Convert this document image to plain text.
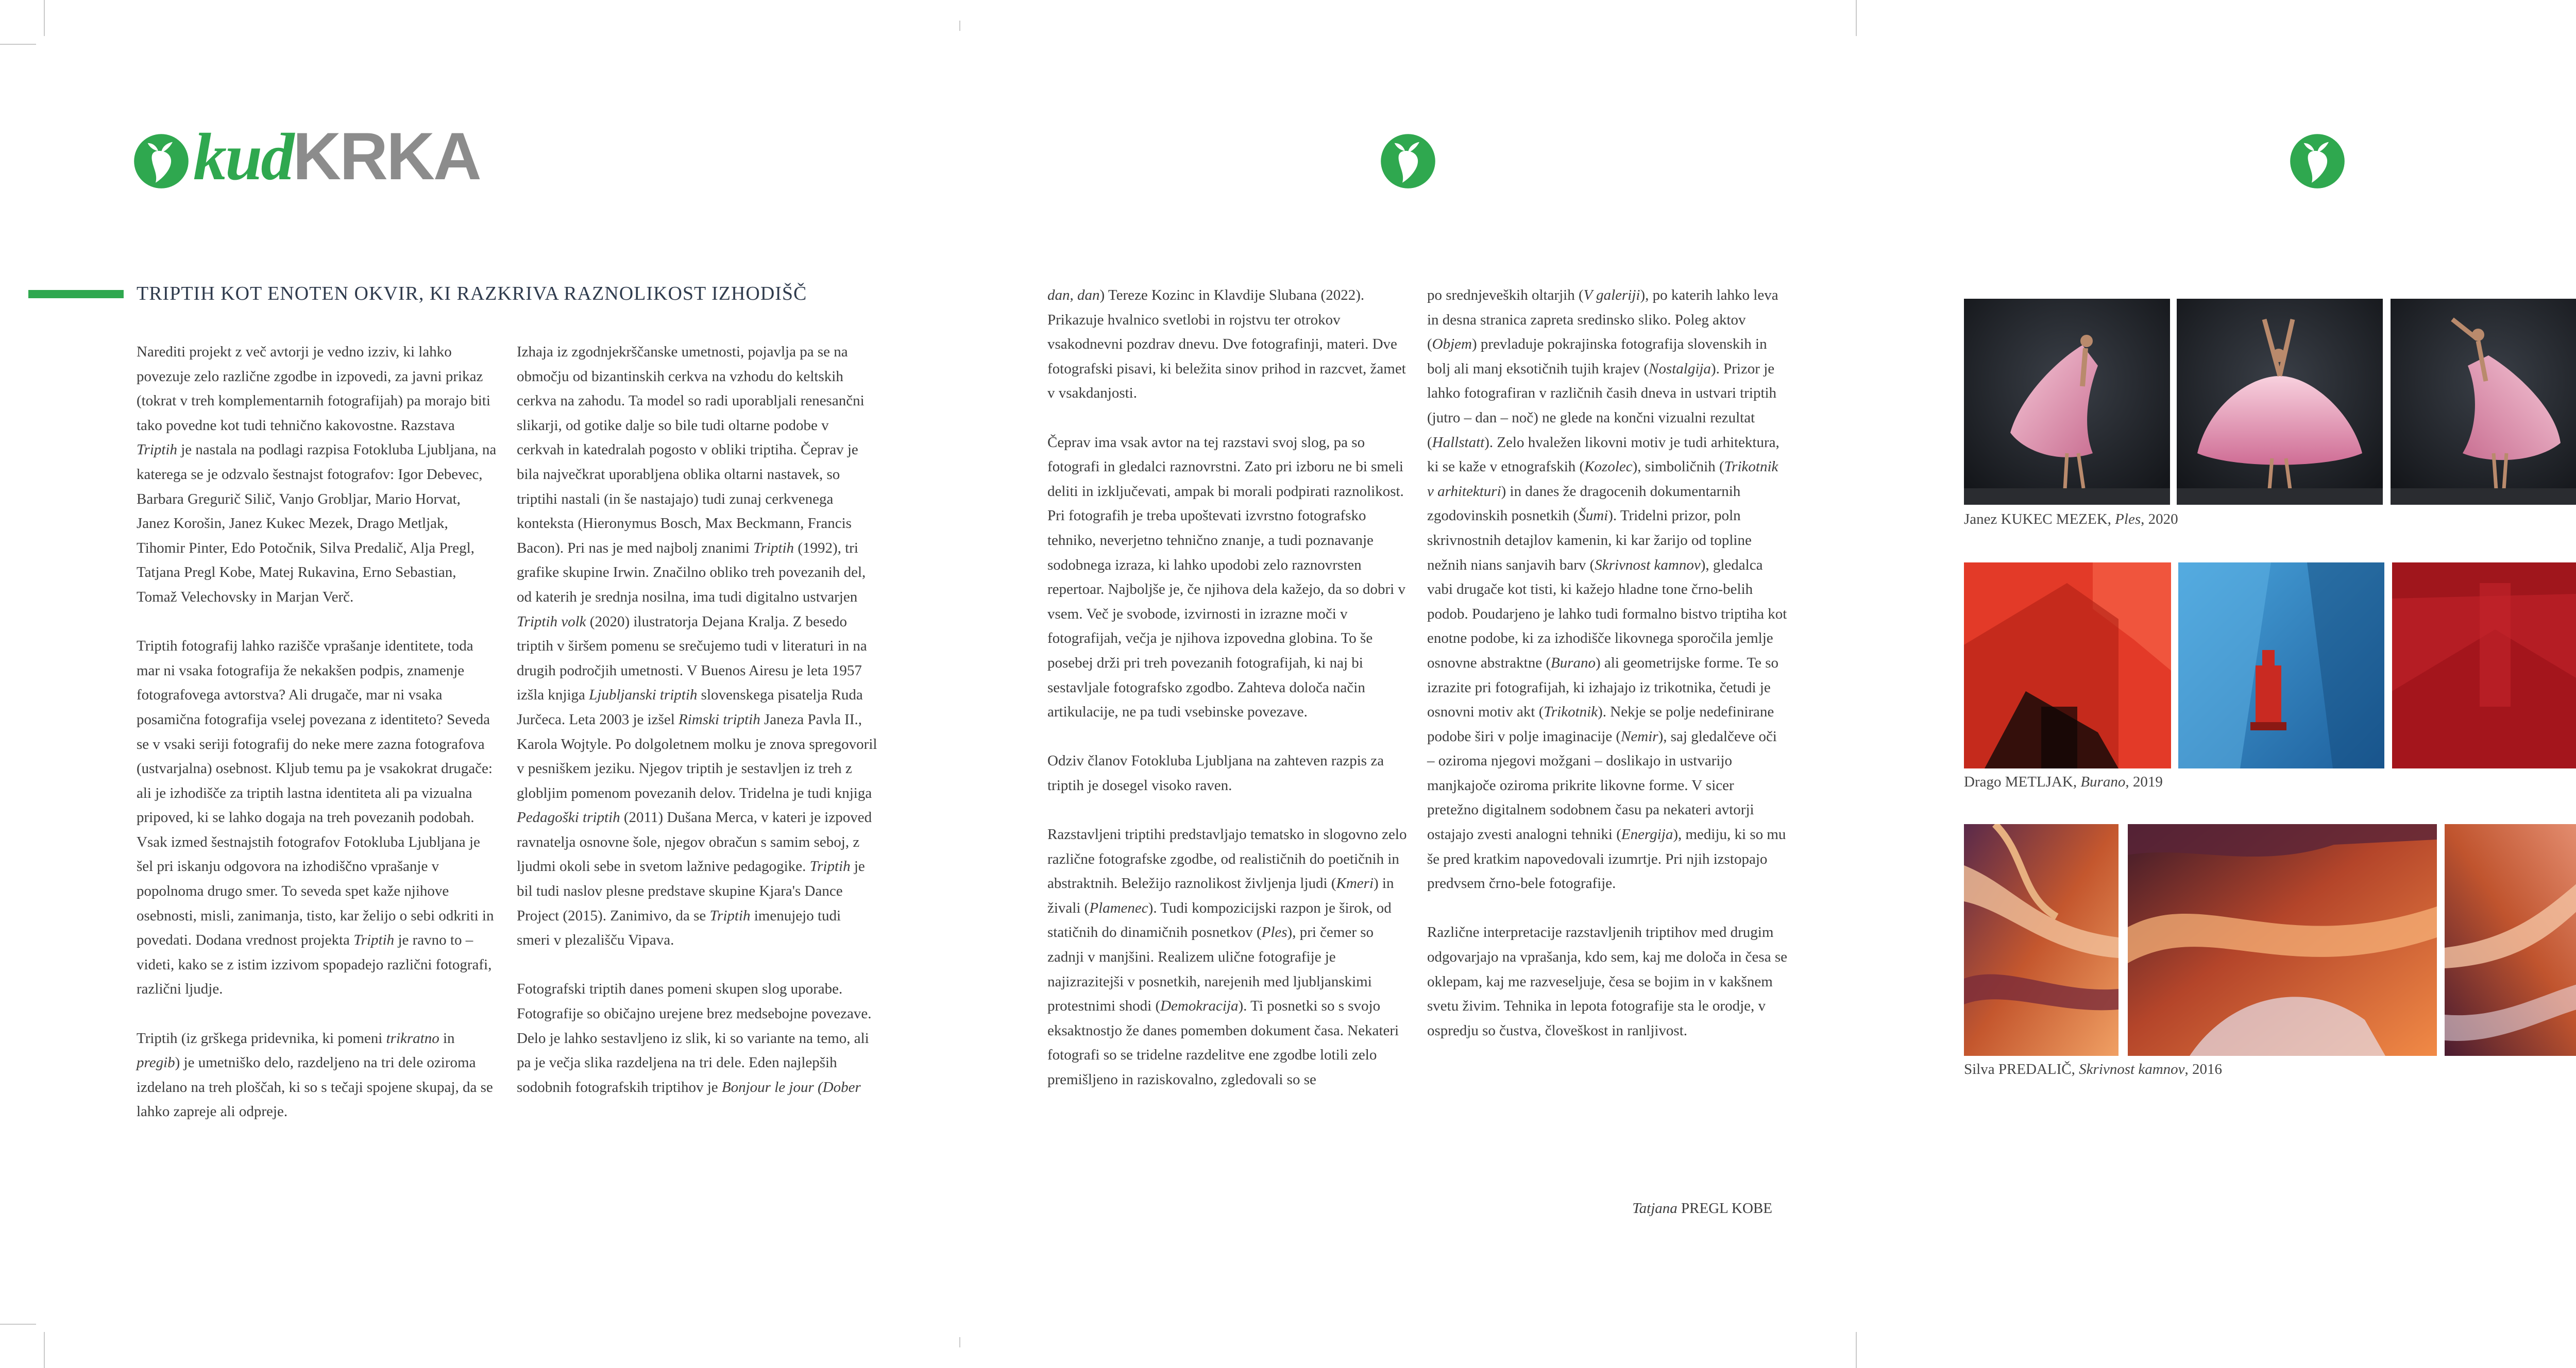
kudKRKA
TRIPTIH KOT ENOTEN OKVIR, KI RAZKRIVA RAZNOLIKOST IZHODIŠČ

Narediti projekt z več avtorji je vedno izziv, ki lahko povezuje zelo različne zgodbe in izpovedi, za javni prikaz (tokrat v treh komplementarnih fotografijah) pa morajo biti tako povedne kot tudi tehnično kakovostne. Razstava Triptih je nastala na podlagi razpisa Fotokluba Ljubljana, na katerega se je odzvalo šestnajst fotografov: Igor Debevec, Barbara Gregurič Silič, Vanjo Grobljar, Mario Horvat, Janez Korošin, Janez Kukec Mezek, Drago Metljak, Tihomir Pinter, Edo Potočnik, Silva Predalič, Alja Pregl, Tatjana Pregl Kobe, Matej Rukavina, Erno Sebastian, Tomaž Velechovsky in Marjan Verč.

Triptih fotografij lahko razišče vprašanje identitete, toda mar ni vsaka fotografija že nekakšen podpis, znamenje fotografovega avtorstva? Ali drugače, mar ni vsaka posamična fotografija vselej povezana z identiteto? Seveda se v vsaki seriji fotografij do neke mere zazna fotografova (ustvarjalna) osebnost. Kljub temu pa je vsakokrat drugače: ali je izhodišče za triptih lastna identiteta ali pa vizualna pripoved, ki se lahko dogaja na treh povezanih podobah. Vsak izmed šestnajstih fotografov Fotokluba Ljubljana je šel pri iskanju odgovora na izhodiščno vprašanje v popolnoma drugo smer. To seveda spet kaže njihove osebnosti, misli, zanimanja, tisto, kar želijo o sebi odkriti in povedati. Dodana vrednost projekta Triptih je ravno to – videti, kako se z istim izzivom spopadejo različni fotografi, različni ljudje.

Triptih (iz grškega pridevnika, ki pomeni trikratno in pregib) je umetniško delo, razdeljeno na tri dele oziroma izdelano na treh ploščah, ki so s tečaji spojene skupaj, da se lahko zapreje ali odpreje.

Izhaja iz zgodnjekrščanske umetnosti, pojavlja pa se na območju od bizantinskih cerkva na vzhodu do keltskih cerkva na zahodu. Ta model so radi uporabljali renesančni slikarji, od gotike dalje so bile tudi oltarne podobe v cerkvah in katedralah pogosto v obliki triptiha. Čeprav je bila največkrat uporabljena oblika oltarni nastavek, so triptihi nastali (in še nastajajo) tudi zunaj cerkvenega konteksta (Hieronymus Bosch, Max Beckmann, Francis Bacon). Pri nas je med najbolj znanimi Triptih (1992), tri grafike skupine Irwin. Značilno obliko treh povezanih del, od katerih je srednja nosilna, ima tudi digitalno ustvarjen Triptih volk (2020) ilustratorja Dejana Kralja. Z besedo triptih v širšem pomenu se srečujemo tudi v literaturi in na drugih področjih umetnosti. V Buenos Airesu je leta 1957 izšla knjiga Ljubljanski triptih slovenskega pisatelja Ruda Jurčeca. Leta 2003 je izšel Rimski triptih Janeza Pavla II., Karola Wojtyle. Po dolgoletnem molku je znova spregovoril v pesniškem jeziku. Njegov triptih je sestavljen iz treh z globljim pomenom povezanih delov. Tridelna je tudi knjiga Pedagoški triptih (2011) Dušana Merca, v kateri je izpoved ravnatelja osnovne šole, njegov obračun s samim seboj, z ljudmi okoli sebe in svetom lažnive pedagogike. Triptih je bil tudi naslov plesne predstave skupine Kjara's Dance Project (2015). Zanimivo, da se Triptih imenujejo tudi smeri v plezališču Vipava.

Fotografski triptih danes pomeni skupen slog uporabe. Fotografije so običajno urejene brez medsebojne povezave. Delo je lahko sestavljeno iz slik, ki so variante na temo, ali pa je večja slika razdeljena na tri dele. Eden najlepših sodobnih fotografskih triptihov je Bonjour le jour (Dober

dan, dan) Tereze Kozinc in Klavdije Slubana (2022). Prikazuje hvalnico svetlobi in rojstvu ter otrokov vsakodnevni pozdrav dnevu. Dve fotografinji, materi. Dve fotografski pisavi, ki beležita sinov prihod in razcvet, žamet v vsakdanjosti.

Čeprav ima vsak avtor na tej razstavi svoj slog, pa so fotografi in gledalci raznovrstni. Zato pri izboru ne bi smeli deliti in izključevati, ampak bi morali podpirati raznolikost. Pri fotografih je treba upoštevati izvrstno fotografsko tehniko, neverjetno tehnično znanje, a tudi poznavanje sodobnega izraza, ki lahko upodobi zelo raznovrsten repertoar. Najboljše je, če njihova dela kažejo, da so dobri v vsem. Več je svobode, izvirnosti in izrazne moči v fotografijah, večja je njihova izpovedna globina. To še posebej drži pri treh povezanih fotografijah, ki naj bi sestavljale fotografsko zgodbo. Zahteva določa način artikulacije, ne pa tudi vsebinske povezave.

Odziv članov Fotokluba Ljubljana na zahteven razpis za triptih je dosegel visoko raven.

Razstavljeni triptihi predstavljajo tematsko in slogovno zelo različne fotografske zgodbe, od realističnih do poetičnih in abstraktnih. Beležijo raznolikost življenja ljudi (Kmeri) in živali (Plamenec). Tudi kompozicijski razpon je širok, od statičnih do dinamičnih posnetkov (Ples), pri čemer so zadnji v manjšini. Realizem ulične fotografije je najizrazitejši v posnetkih, narejenih med ljubljanskimi protestnimi shodi (Demokracija). Ti posnetki so s svojo eksaktnostjo že danes pomemben dokument časa. Nekateri fotografi so se tridelne razdelitve ene zgodbe lotili zelo premišljeno in raziskovalno, zgledovali so se

po srednjeveških oltarjih (V galeriji), po katerih lahko leva in desna stranica zapreta sredinsko sliko. Poleg aktov (Objem) prevladuje pokrajinska fotografija slovenskih in bolj ali manj eksotičnih tujih krajev (Nostalgija). Prizor je lahko fotografiran v različnih časih dneva in ustvari triptih (jutro – dan – noč) ne glede na končni vizualni rezultat (Hallstatt). Zelo hvaležen likovni motiv je tudi arhitektura, ki se kaže v etnografskih (Kozolec), simboličnih (Trikotnik v arhitekturi) in danes že dragocenih dokumentarnih zgodovinskih posnetkih (Šumi). Tridelni prizor, poln skrivnostnih detajlov kamenin, ki kar žarijo od topline nežnih nians sanjavih barv (Skrivnost kamnov), gledalca vabi drugače kot tisti, ki kažejo hladne tone črno-belih podob. Poudarjeno je lahko tudi formalno bistvo triptiha kot enotne podobe, ki za izhodišče likovnega sporočila jemlje osnovne abstraktne (Burano) ali geometrijske forme. Te so izrazite pri fotografijah, ki izhajajo iz trikotnika, četudi je osnovni motiv akt (Trikotnik). Nekje se polje nedefinirane podobe širi v polje imaginacije (Nemir), saj gledalčeve oči – oziroma njegovi možgani – doslikajo in ustvarijo manjkajoče oziroma prikrite likovne forme. V sicer pretežno digitalnem sodobnem času pa nekateri avtorji ostajajo zvesti analogni tehniki (Energija), mediju, ki so mu še pred kratkim napovedovali izumrtje. Pri njih izstopajo predvsem črno-bele fotografije.

Različne interpretacije razstavljenih triptihov med drugim odgovarjajo na vprašanja, kdo sem, kaj me določa in česa se oklepam, kaj me razveseljuje, česa se bojim in v kakšnem svetu živim. Tehnika in lepota fotografije sta le orodje, v ospredju so čustva, človeškost in ranljivost.

Tatjana PREGL KOBE
Janez KUKEC MEZEK, Ples, 2020
Drago METLJAK, Burano, 2019
Silva PREDALIČ, Skrivnost kamnov, 2016
